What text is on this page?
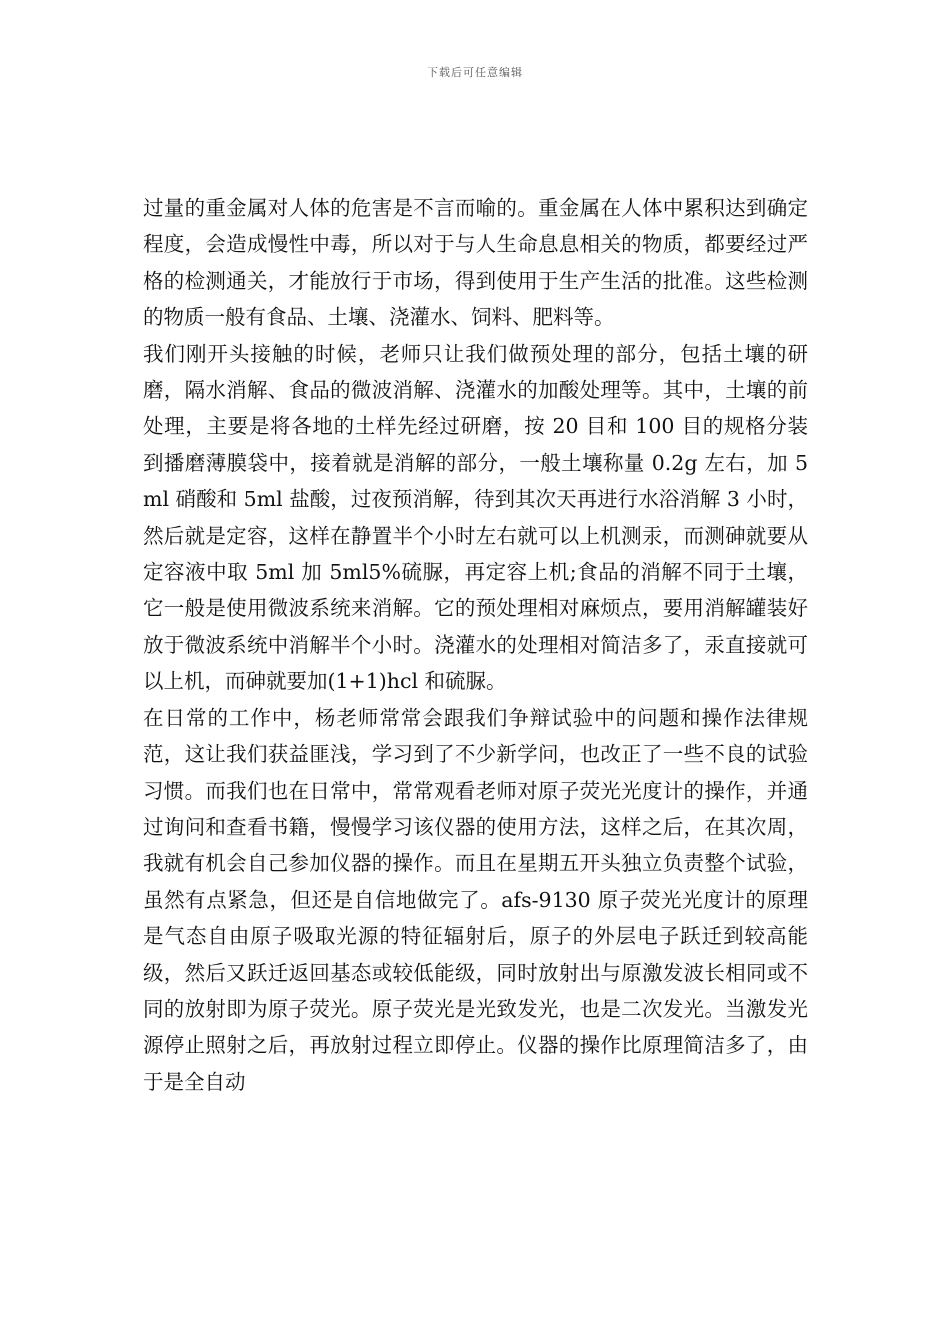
下载后可任意编辑

过量的重金属对人体的危害是不言而喻的。重金属在人体中累积达到确定程度，会造成慢性中毒，所以对于与人生命息息相关的物质，都要经过严格的检测通关，才能放行于市场，得到使用于生产生活的批准。这些检测的物质一般有食品、土壤、浇灌水、饲料、肥料等。

我们刚开头接触的时候，老师只让我们做预处理的部分，包括土壤的研磨，隔水消解、食品的微波消解、浇灌水的加酸处理等。其中，土壤的前处理，主要是将各地的土样先经过研磨，按 20 目和 100 目的规格分装到播磨薄膜袋中，接着就是消解的部分，一般土壤称量 0.2g 左右，加 5ml 硝酸和 5ml 盐酸，过夜预消解，待到其次天再进行水浴消解 3 小时，然后就是定容，这样在静置半个小时左右就可以上机测汞，而测砷就要从定容液中取 5ml 加 5ml5%硫脲，再定容上机;食品的消解不同于土壤，它一般是使用微波系统来消解。它的预处理相对麻烦点，要用消解罐装好放于微波系统中消解半个小时。浇灌水的处理相对简洁多了，汞直接就可以上机，而砷就要加(1+1)hcl 和硫脲。

在日常的工作中，杨老师常常会跟我们争辩试验中的问题和操作法律规范，这让我们获益匪浅，学习到了不少新学问，也改正了一些不良的试验习惯。而我们也在日常中，常常观看老师对原子荧光光度计的操作，并通过询问和查看书籍，慢慢学习该仪器的使用方法，这样之后，在其次周，我就有机会自己参加仪器的操作。而且在星期五开头独立负责整个试验，虽然有点紧急，但还是自信地做完了。afs-9130 原子荧光光度计的原理是气态自由原子吸取光源的特征辐射后，原子的外层电子跃迁到较高能级，然后又跃迁返回基态或较低能级，同时放射出与原激发波长相同或不同的放射即为原子荧光。原子荧光是光致发光，也是二次发光。当激发光源停止照射之后，再放射过程立即停止。仪器的操作比原理简洁多了，由于是全自动
